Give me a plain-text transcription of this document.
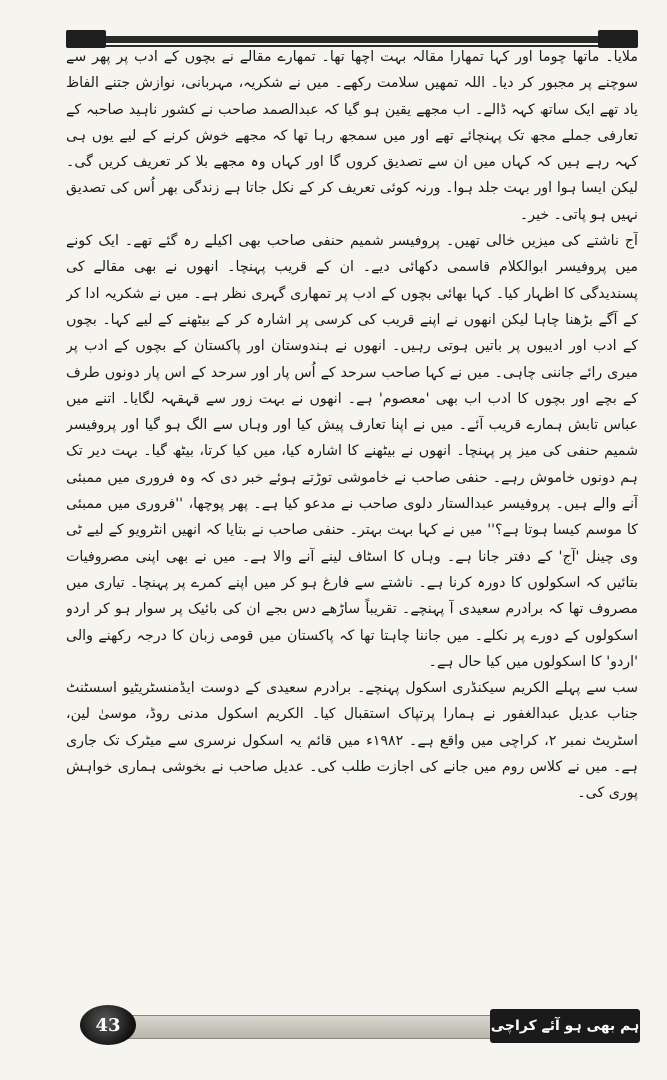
ملایا۔ ماتھا چوما اور کہا تمھارا مقالہ بہت اچھا تھا۔ تمھارے مقالے نے بچوں کے ادب پر پھر سے سوچنے پر مجبور کر دیا۔ اللہ تمھیں سلامت رکھے۔ میں نے شکریہ، مہربانی، نوازش جتنے الفاظ یاد تھے ایک ساتھ کہہ ڈالے۔ اب مجھے یقین ہو گیا کہ عبدالصمد صاحب نے کشور ناہید صاحبہ کے تعارفی جملے مجھ تک پہنچائے تھے اور میں سمجھ رہا تھا کہ مجھے خوش کرنے کے لیے یوں ہی کہہ رہے ہیں کہ کہاں میں ان سے تصدیق کروں گا اور کہاں وہ مجھے بلا کر تعریف کریں گی۔ لیکن ایسا ہوا اور بہت جلد ہوا۔ ورنہ کوئی تعریف کر کے نکل جاتا ہے زندگی بھر اُس کی تصدیق نہیں ہو پاتی۔ خیر۔

آج ناشتے کی میزیں خالی تھیں۔ پروفیسر شمیم حنفی صاحب بھی اکیلے رہ گئے تھے۔ ایک کونے میں پروفیسر ابوالکلام قاسمی دکھائی دیے۔ ان کے قریب پہنچا۔ انھوں نے بھی مقالے کی پسندیدگی کا اظہار کیا۔ کہا بھائی بچوں کے ادب پر تمھاری گہری نظر ہے۔ میں نے شکریہ ادا کر کے آگے بڑھنا چاہا لیکن انھوں نے اپنے قریب کی کرسی پر اشارہ کر کے بیٹھنے کے لیے کہا۔ بچوں کے ادب اور ادیبوں پر باتیں ہوتی رہیں۔ انھوں نے ہندوستان اور پاکستان کے بچوں کے ادب پر میری رائے جاننی چاہی۔ میں نے کہا صاحب سرحد کے اُس پار اور سرحد کے اس پار دونوں طرف کے بچے اور بچوں کا ادب اب بھی 'معصوم' ہے۔ انھوں نے بہت زور سے قہقہہ لگایا۔ اتنے میں عباس تابش ہمارے قریب آئے۔ میں نے اپنا تعارف پیش کیا اور وہاں سے الگ ہو گیا اور پروفیسر شمیم حنفی کی میز پر پہنچا۔ انھوں نے بیٹھنے کا اشارہ کیا، میں کیا کرتا، بیٹھ گیا۔ بہت دیر تک ہم دونوں خاموش رہے۔ حنفی صاحب نے خاموشی توڑتے ہوئے خبر دی کہ وہ فروری میں ممبئی آنے والے ہیں۔ پروفیسر عبدالستار دلوی صاحب نے مدعو کیا ہے۔ پھر پوچھا، ''فروری میں ممبئی کا موسم کیسا ہوتا ہے؟'' میں نے کہا بہت بہتر۔ حنفی صاحب نے بتایا کہ انھیں انٹرویو کے لیے ٹی وی چینل 'آج' کے دفتر جانا ہے۔ وہاں کا اسٹاف لینے آنے والا ہے۔ میں نے بھی اپنی مصروفیات بتائیں کہ اسکولوں کا دورہ کرنا ہے۔ ناشتے سے فارغ ہو کر میں اپنے کمرے پر پہنچا۔ تیاری میں مصروف تھا کہ برادرم سعیدی آ پہنچے۔ تقریباً ساڑھے دس بجے ان کی بائیک پر سوار ہو کر اردو اسکولوں کے دورے پر نکلے۔ میں جاننا چاہتا تھا کہ پاکستان میں قومی زبان کا درجہ رکھنے والی 'اردو' کا اسکولوں میں کیا حال ہے۔

سب سے پہلے الکریم سیکنڈری اسکول پہنچے۔ برادرم سعیدی کے دوست ایڈمنسٹریٹیو اسسٹنٹ جناب عدیل عبدالغفور نے ہمارا پرتپاک استقبال کیا۔ الکریم اسکول مدنی روڈ، موسیٰ لین، اسٹریٹ نمبر ۲، کراچی میں واقع ہے۔ ۱۹۸۲ء میں قائم یہ اسکول نرسری سے میٹرک تک جاری ہے۔ میں نے کلاس روم میں جانے کی اجازت طلب کی۔ عدیل صاحب نے بخوشی ہماری خواہش پوری کی۔

ہم بھی ہو آئے کراچی
43
